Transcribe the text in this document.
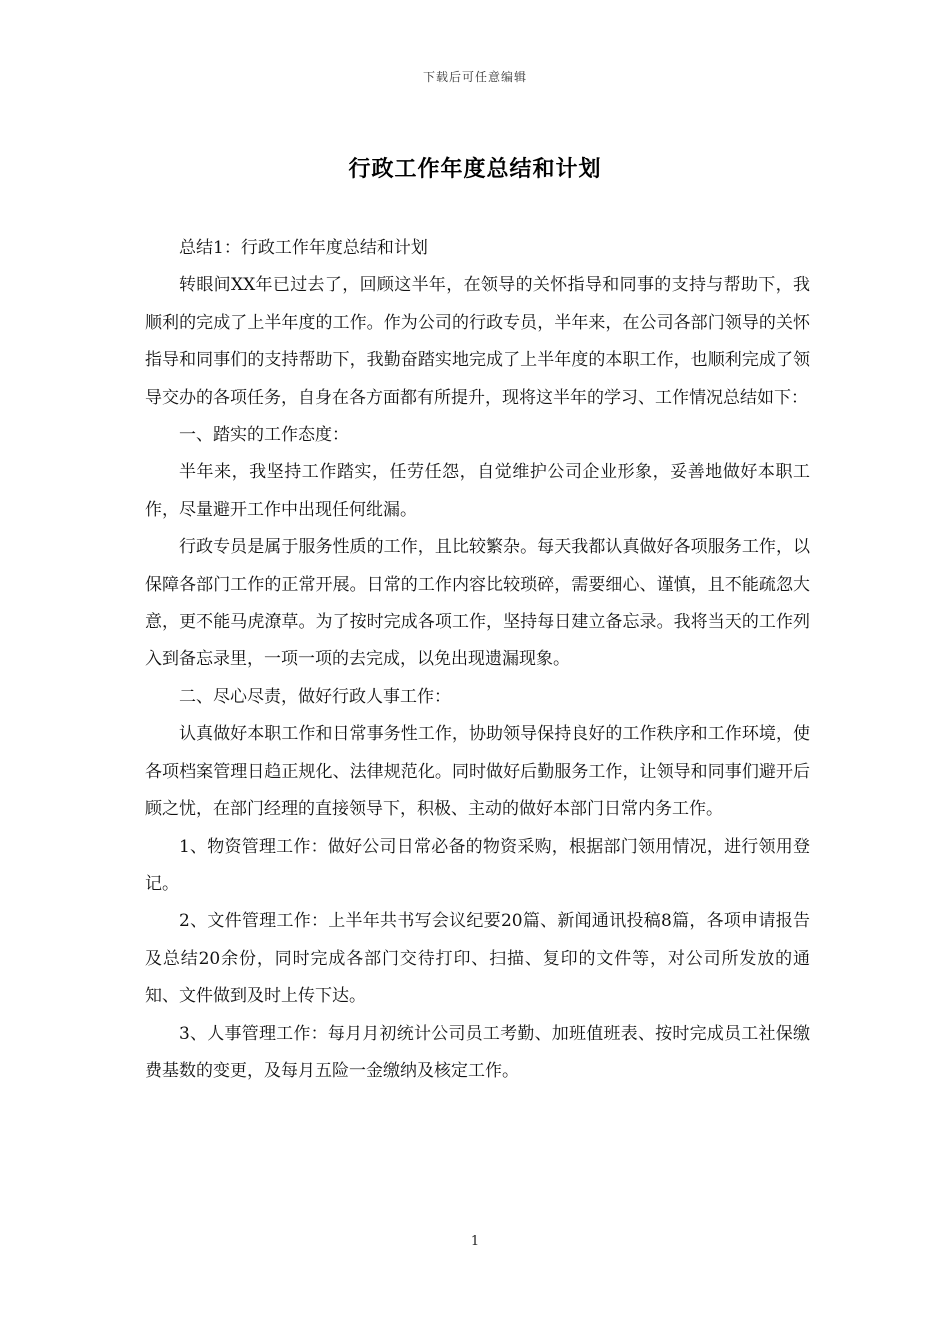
下载后可任意编辑
行政工作年度总结和计划

总结1：行政工作年度总结和计划

转眼间XX年已过去了，回顾这半年，在领导的关怀指导和同事的支持与帮助下，我顺利的完成了上半年度的工作。作为公司的行政专员，半年来，在公司各部门领导的关怀指导和同事们的支持帮助下，我勤奋踏实地完成了上半年度的本职工作，也顺利完成了领导交办的各项任务，自身在各方面都有所提升，现将这半年的学习、工作情况总结如下：

一、踏实的工作态度：

半年来，我坚持工作踏实，任劳任怨，自觉维护公司企业形象，妥善地做好本职工作，尽量避开工作中出现任何纰漏。

行政专员是属于服务性质的工作，且比较繁杂。每天我都认真做好各项服务工作，以保障各部门工作的正常开展。日常的工作内容比较琐碎，需要细心、谨慎，且不能疏忽大意，更不能马虎潦草。为了按时完成各项工作，坚持每日建立备忘录。我将当天的工作列入到备忘录里，一项一项的去完成，以免出现遗漏现象。

二、尽心尽责，做好行政人事工作：

认真做好本职工作和日常事务性工作，协助领导保持良好的工作秩序和工作环境，使各项档案管理日趋正规化、法律规范化。同时做好后勤服务工作，让领导和同事们避开后顾之忧，在部门经理的直接领导下，积极、主动的做好本部门日常内务工作。

1、物资管理工作：做好公司日常必备的物资采购，根据部门领用情况，进行领用登记。

2、文件管理工作：上半年共书写会议纪要20篇、新闻通讯投稿8篇，各项申请报告及总结20余份，同时完成各部门交待打印、扫描、复印的文件等，对公司所发放的通知、文件做到及时上传下达。

3、人事管理工作：每月月初统计公司员工考勤、加班值班表、按时完成员工社保缴费基数的变更，及每月五险一金缴纳及核定工作。

1
